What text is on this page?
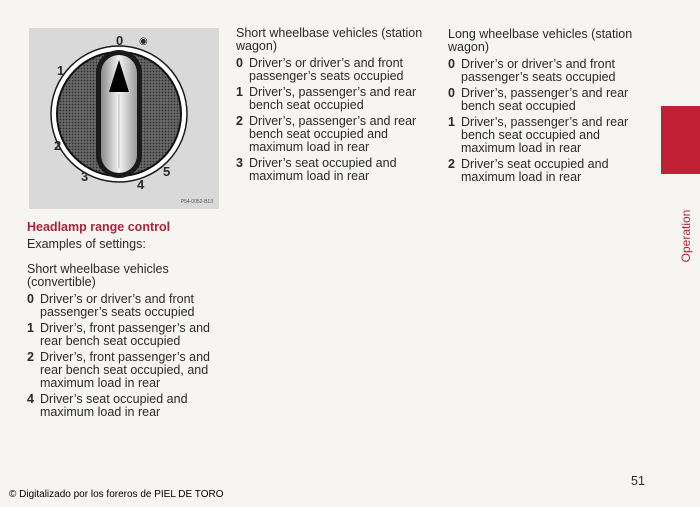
0 ◉
1
2
3
4
5
P54-0052-B13
Headlamp range control
Examples of settings:
Short wheelbase vehicles (convertible)
0 Driver’s or driver’s and front passenger’s seats occupied
1 Driver’s, front passenger’s and rear bench seat occupied
2 Driver’s, front passenger’s and rear bench seat occupied, and maximum load in rear
4 Driver’s seat occupied and maximum load in rear
Short wheelbase vehicles (station wagon)
0 Driver’s or driver’s and front passenger’s seats occupied
1 Driver’s, passenger’s and rear bench seat occupied
2 Driver’s, passenger’s and rear bench seat occupied and maximum load in rear
3 Driver’s seat occupied and maximum load in rear
Long wheelbase vehicles (station wagon)
0 Driver’s or driver’s and front passenger’s seats occupied
0 Driver’s, passenger’s and rear bench seat occupied
1 Driver’s, passenger’s and rear bench seat occupied and maximum load in rear
2 Driver’s seat occupied and maximum load in rear
Operation
51
© Digitalizado por los foreros de PIEL DE TORO
